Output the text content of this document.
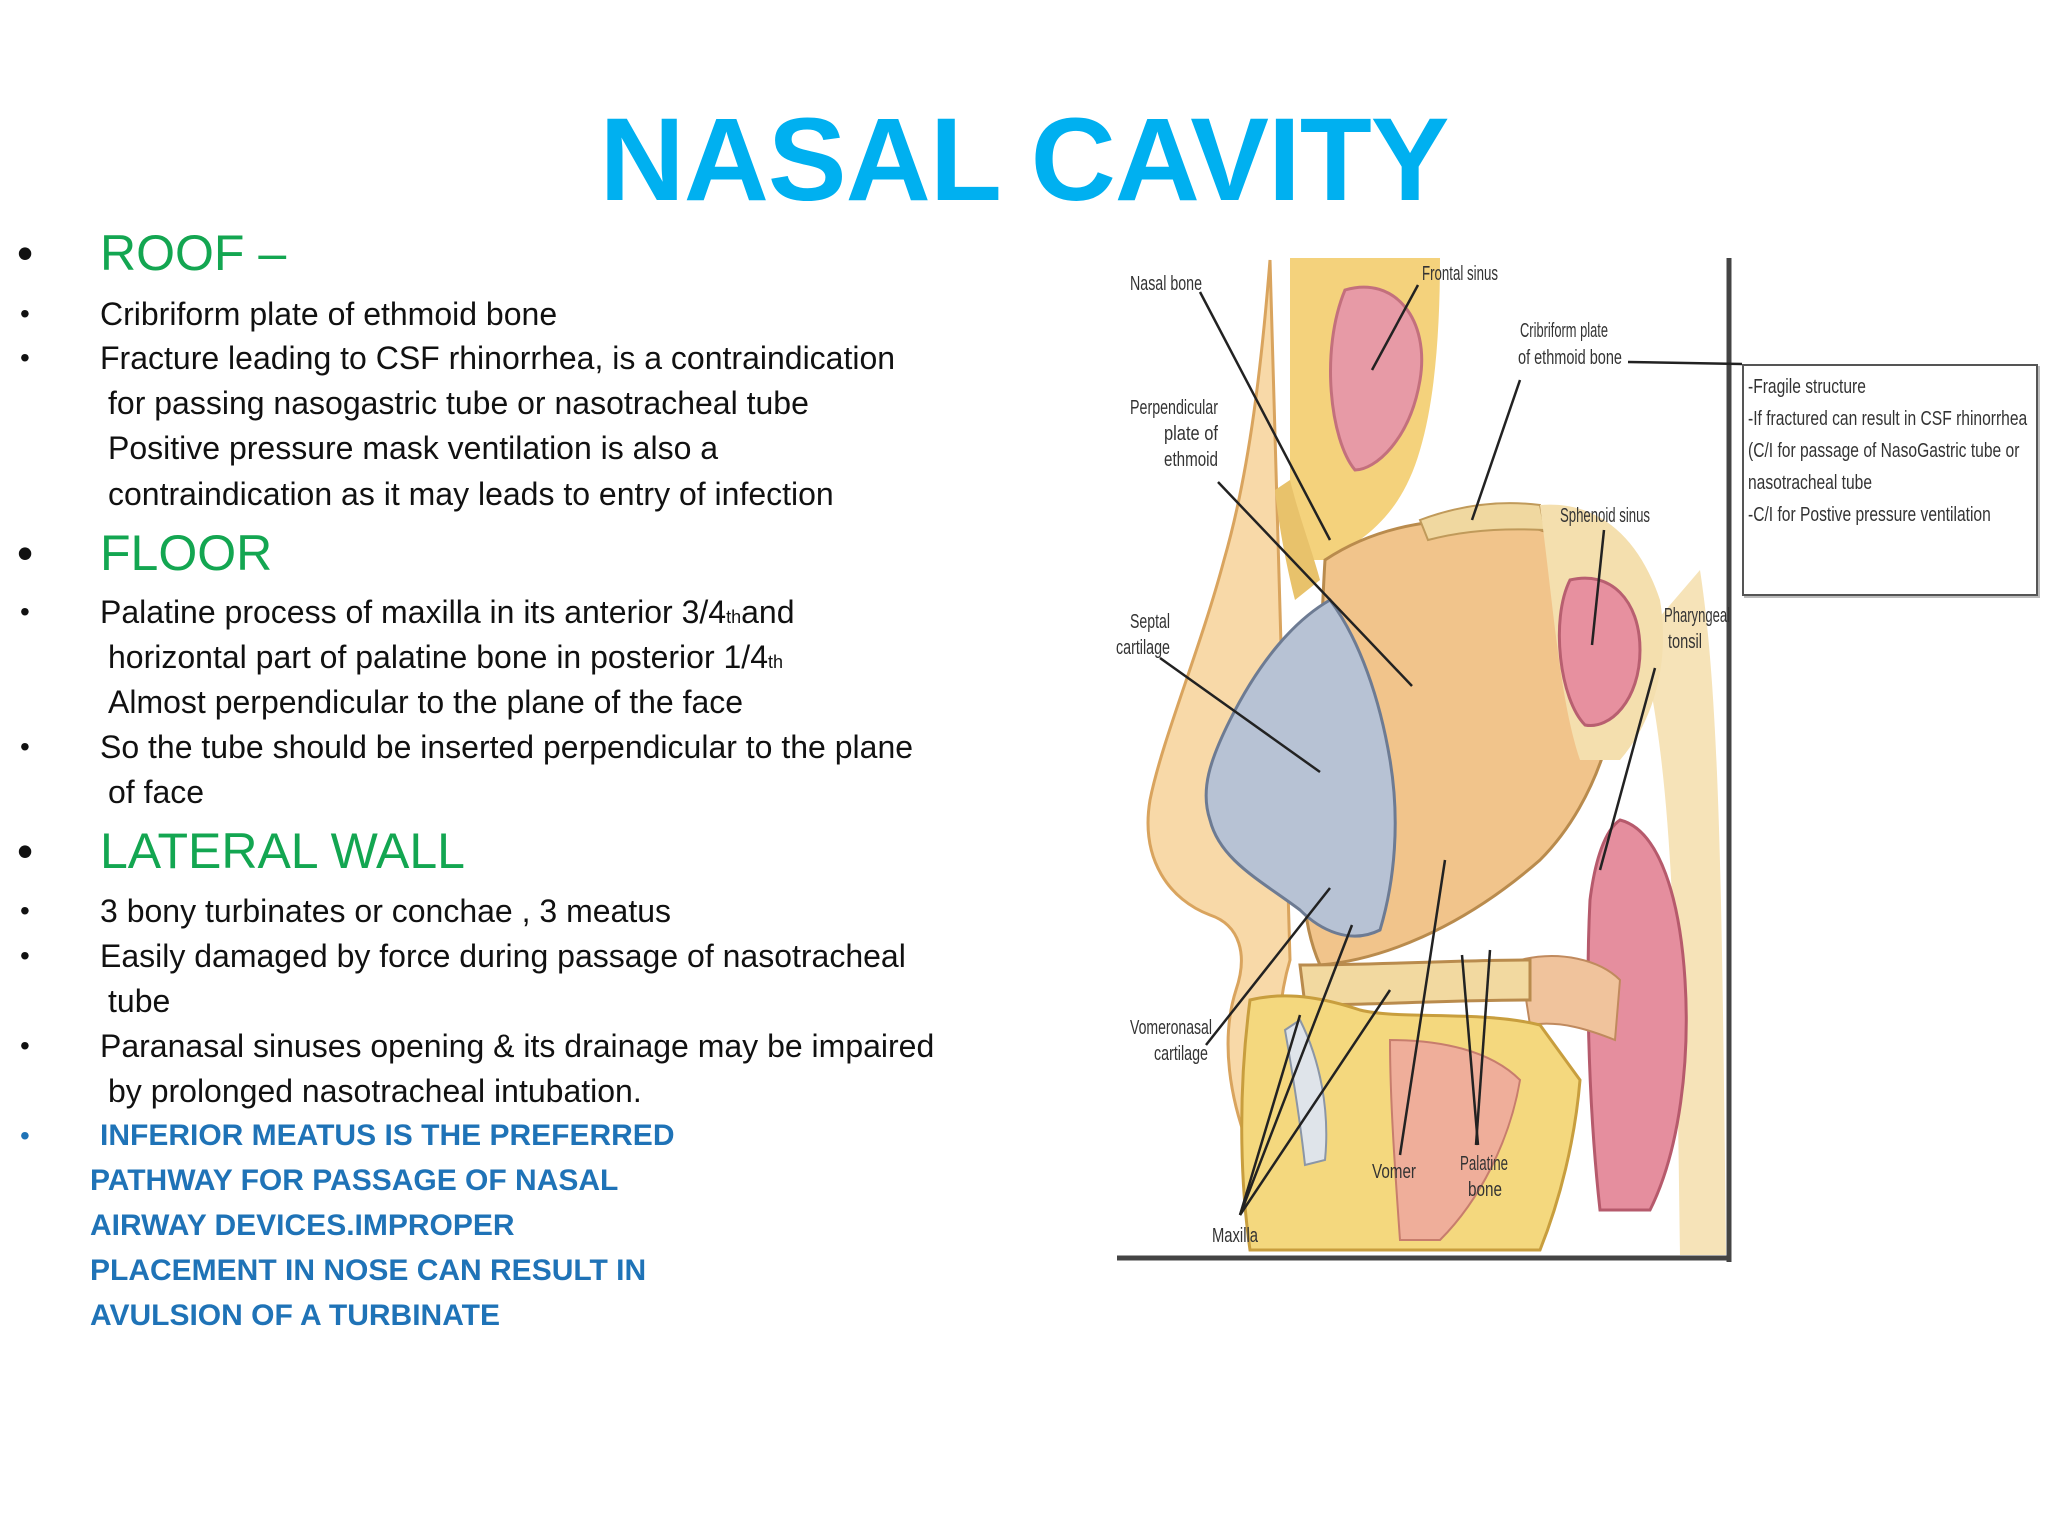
NASAL CAVITY
• ROOF –
• Cribriform plate of ethmoid bone
• Fracture leading to CSF rhinorrhea, is a contraindication
for passing nasogastric tube or nasotracheal tube
Positive pressure mask ventilation is also a
contraindication as it may leads to entry of infection
• FLOOR
• Palatine process of maxilla in its anterior 3/4thand
horizontal part of palatine bone in posterior 1/4th
Almost perpendicular to the plane of the face
• So the tube should be inserted perpendicular to the plane
of face
• LATERAL WALL
• 3 bony turbinates or conchae , 3 meatus
• Easily damaged by force during passage of nasotracheal
tube
• Paranasal sinuses opening & its drainage may be impaired
by prolonged nasotracheal intubation.
• INFERIOR MEATUS IS THE PREFERRED
PATHWAY FOR PASSAGE OF NASAL
AIRWAY DEVICES.IMPROPER
PLACEMENT IN NOSE CAN RESULT IN
AVULSION OF A TURBINATE
Nasal bone	Frontal sinus
Cribriform plate
of ethmoid bone
Perpendicular
plate of
ethmoid
Sphenoid sinus
Septal
cartilage
Pharyngeal
tonsil
Vomeronasal
cartilage
Vomer Palatine
bone
Maxilla
-Fragile structure
-If fractured can result in CSF rhinorrhea
(C/I for passage of NasoGastric tube or
nasotracheal tube
-C/I for Postive pressure ventilation
